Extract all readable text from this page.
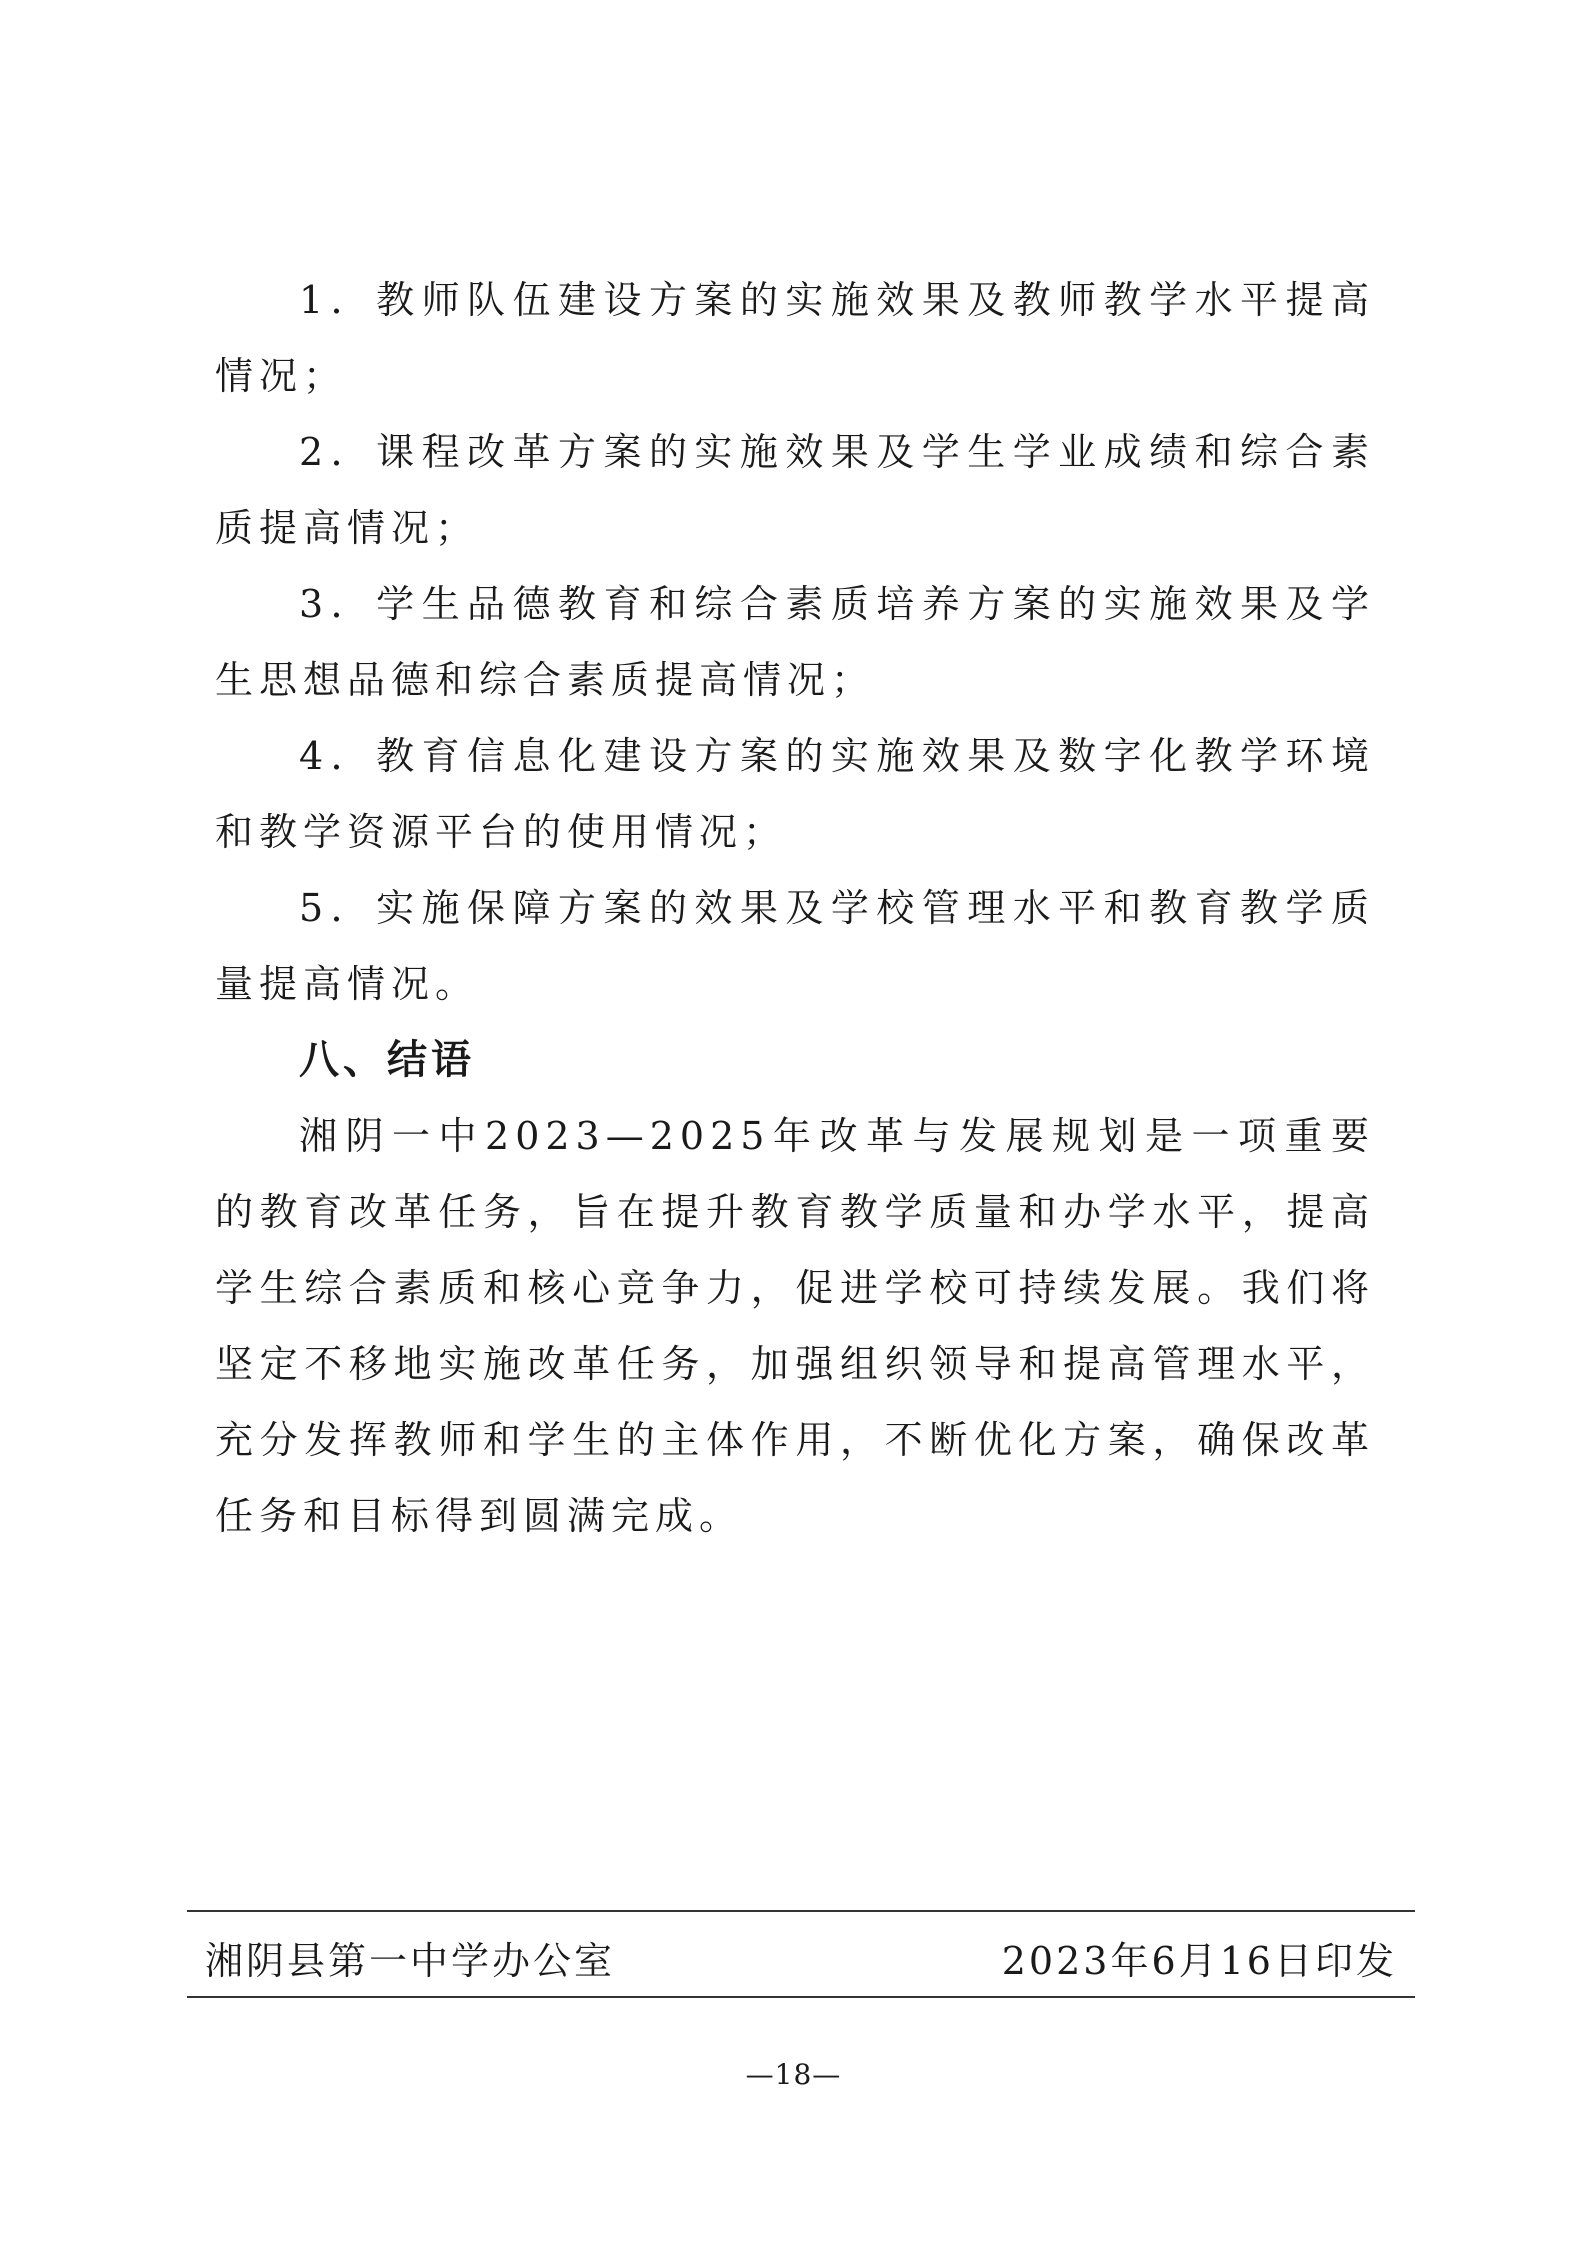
1．教师队伍建设方案的实施效果及教师教学水平提高情况；

2．课程改革方案的实施效果及学生学业成绩和综合素质提高情况；

3．学生品德教育和综合素质培养方案的实施效果及学生思想品德和综合素质提高情况；

4．教育信息化建设方案的实施效果及数字化教学环境和教学资源平台的使用情况；

5．实施保障方案的效果及学校管理水平和教育教学质量提高情况。

八、结语

湘阴一中2023—2025年改革与发展规划是一项重要的教育改革任务，旨在提升教育教学质量和办学水平，提高学生综合素质和核心竞争力，促进学校可持续发展。我们将坚定不移地实施改革任务，加强组织领导和提高管理水平，充分发挥教师和学生的主体作用，不断优化方案，确保改革任务和目标得到圆满完成。

湘阴县第一中学办公室	2023年6月16日印发
—18—
